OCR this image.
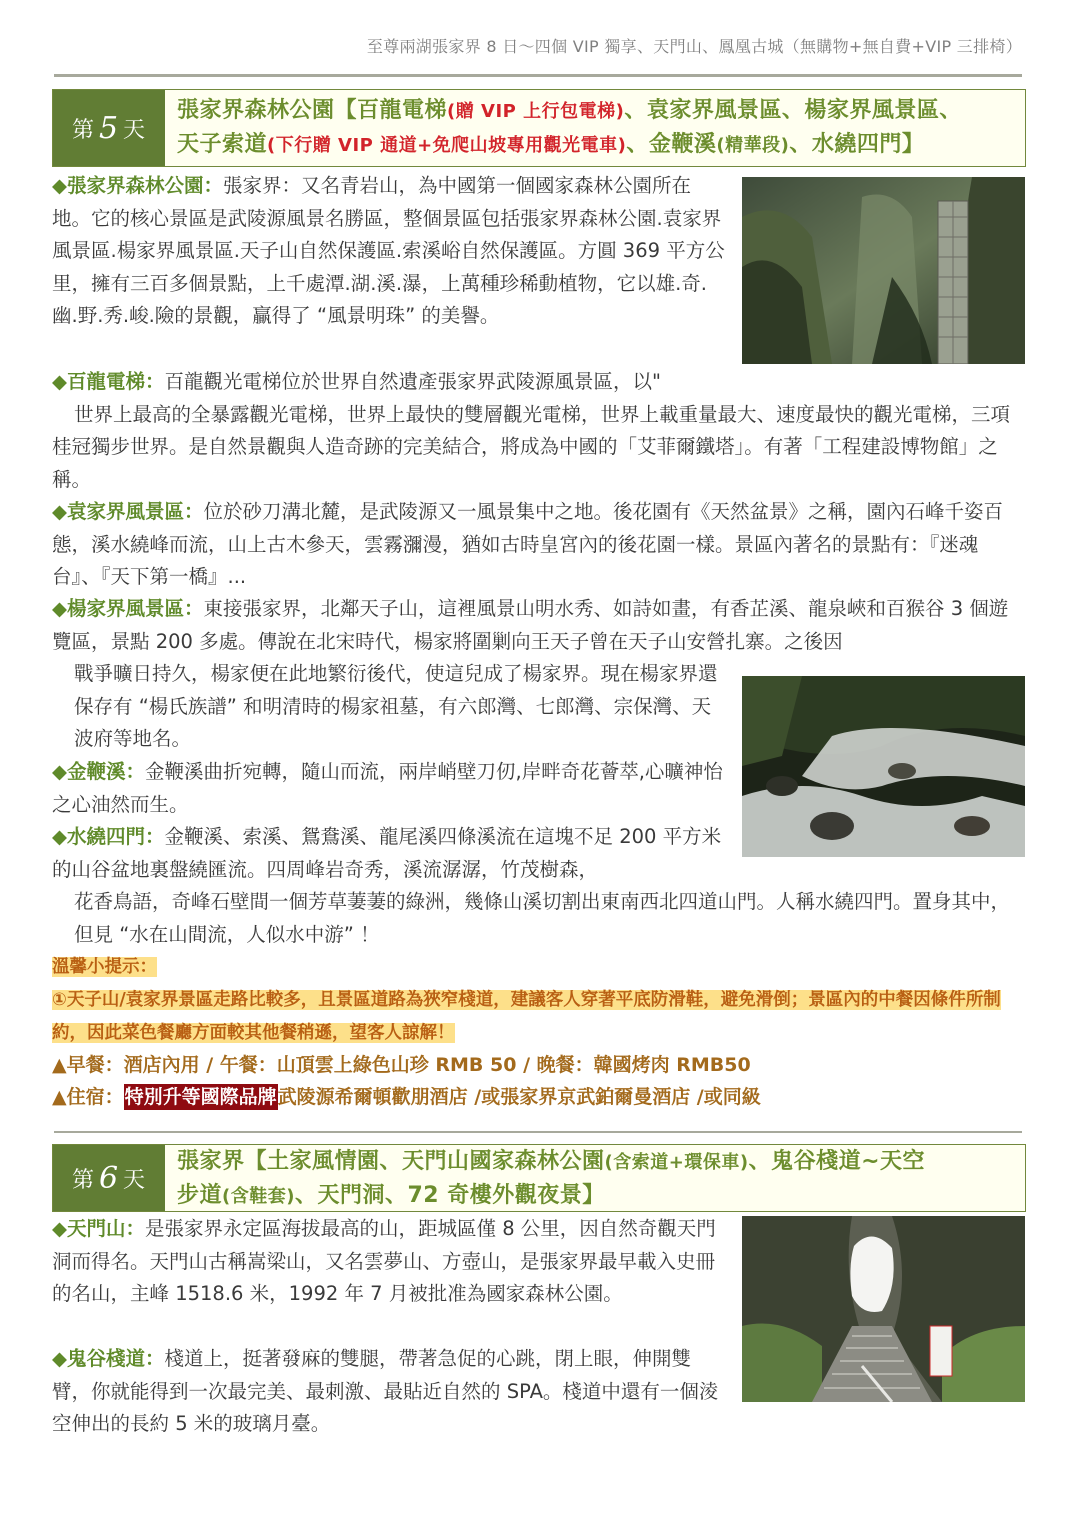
至尊兩湖張家界 8 日～四個 VIP 獨享、天門山、鳳凰古城（無購物+無自費+VIP 三排椅）
第 5 天
張家界森林公園【百龍電梯(贈 VIP 上行包電梯)、袁家界風景區、楊家界風景區、
天子索道(下行贈 VIP 通道+免爬山坡專用觀光電車)、金鞭溪(精華段)、水繞四門】
◆張家界森林公園：張家界：又名青岩山，為中國第一個國家森林公園所在地。它的核心景區是武陵源風景名勝區，整個景區包括張家界森林公園.袁家界風景區.楊家界風景區.天子山自然保護區.索溪峪自然保護區。方圓 369 平方公里，擁有三百多個景點，上千處潭.湖.溪.瀑，上萬種珍稀動植物，它以雄.奇.幽.野.秀.峻.險的景觀，贏得了 “風景明珠” 的美譽。
◆百龍電梯：百龍觀光電梯位於世界自然遺產張家界武陵源風景區，以"
世界上最高的全暴露觀光電梯，世界上最快的雙層觀光電梯，世界上載重量最大、速度最快的觀光電梯，三項桂冠獨步世界。是自然景觀與人造奇跡的完美結合，將成為中國的「艾菲爾鐵塔」。有著「工程建設博物館」之稱。
◆袁家界風景區：位於砂刀溝北麓，是武陵源又一風景集中之地。後花園有《天然盆景》之稱，園內石峰千姿百態，溪水繞峰而流，山上古木參天，雲霧瀰漫，猶如古時皇宮內的後花園一樣。景區內著名的景點有：『迷魂台』、『天下第一橋』...
◆楊家界風景區：東接張家界，北鄰天子山，這裡風景山明水秀、如詩如畫，有香芷溪、龍泉峽和百猴谷 3 個遊覽區，景點 200 多處。傳說在北宋時代，楊家將圍剿向王天子曾在天子山安營扎寨。之後因
戰爭曠日持久，楊家便在此地繁衍後代，使這兒成了楊家界。現在楊家界還保存有 “楊氏族譜” 和明清時的楊家祖墓，有六郎灣、七郎灣、宗保灣、天波府等地名。
◆金鞭溪：金鞭溪曲折宛轉，隨山而流，兩岸峭壁刀仞,岸畔奇花薈萃,心曠神怡之心油然而生。
◆水繞四門：金鞭溪、索溪、鴛鴦溪、龍尾溪四條溪流在這塊不足 200 平方米的山谷盆地裏盤繞匯流。四周峰岩奇秀，溪流潺潺，竹茂樹森，
花香鳥語，奇峰石壁間一個芳草萋萋的綠洲，幾條山溪切割出東南西北四道山門。人稱水繞四門。置身其中，但見 “水在山間流，人似水中游” ！
溫馨小提示：
①天子山/袁家界景區走路比較多，且景區道路為狹窄棧道，建議客人穿著平底防滑鞋，避免滑倒；景區內的中餐因條件所制約，因此菜色餐廳方面較其他餐稍遜，望客人諒解！
▲早餐：酒店內用 / 午餐：山頂雲上綠色山珍 RMB 50 / 晚餐：韓國烤肉 RMB50
▲住宿：特別升等國際品牌武陵源希爾頓歡朋酒店 /或張家界京武鉑爾曼酒店 /或同級
第 6 天
張家界【土家風情園、天門山國家森林公園(含索道+環保車)、鬼谷棧道~天空
步道(含鞋套)、天門洞、72 奇樓外觀夜景】
◆天門山：是張家界永定區海拔最高的山，距城區僅 8 公里，因自然奇觀天門洞而得名。天門山古稱嵩梁山，又名雲夢山、方壺山，是張家界最早載入史冊的名山，主峰 1518.6 米，1992 年 7 月被批准為國家森林公園。
◆鬼谷棧道：棧道上，挺著發麻的雙腿，帶著急促的心跳，閉上眼，伸開雙臂，你就能得到一次最完美、最刺激、最貼近自然的 SPA。棧道中還有一個淩空伸出的長約 5 米的玻璃月臺。
